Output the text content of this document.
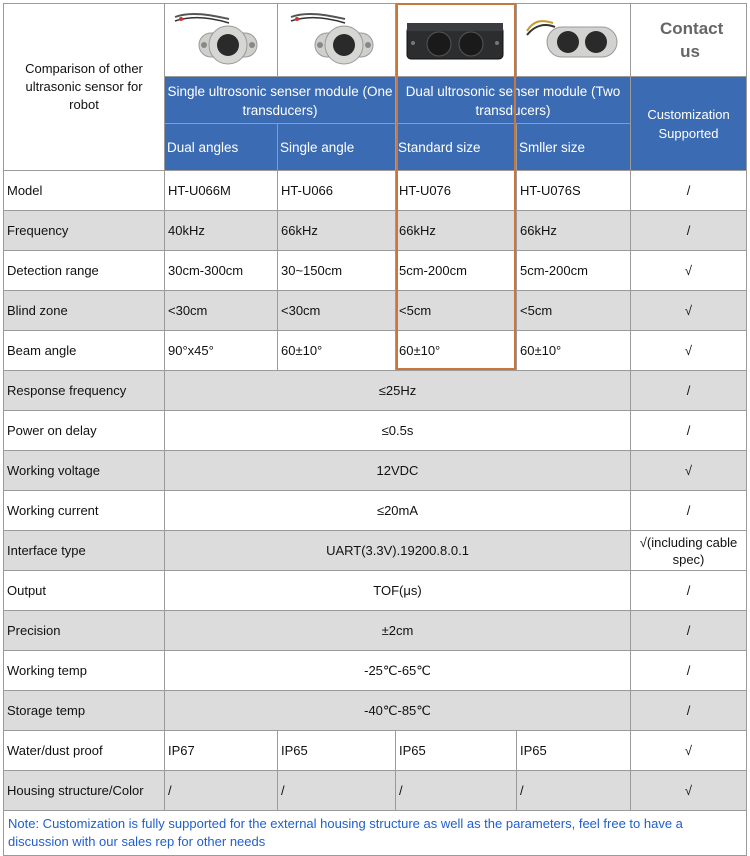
Comparison of other ultrasonic sensor for robot					Contact us
	Single ultrosonic senser module (One transducers)		Dual ultrosonic senser module (Two transducers)		Customization Supported
	Dual angles	Single angle	Standard size	Smller size	
Model	HT-U066M	HT-U066	HT-U076	HT-U076S	/
Frequency	40kHz	66kHz	66kHz	66kHz	/
Detection range	30cm-300cm	30~150cm	5cm-200cm	5cm-200cm	√
Blind zone	<30cm	<30cm	<5cm	<5cm	√
Beam angle	90°x45°	60±10°	60±10°	60±10°	√
Response frequency	≤25Hz				/
Power on delay	≤0.5s				/
Working voltage	12VDC				√
Working current	≤20mA				/
Interface type	UART(3.3V).19200.8.0.1				√(including cable spec)
Output	TOF(μs)				/
Precision	±2cm				/
Working temp	-25℃-65℃				/
Storage temp	-40℃-85℃				/
Water/dust proof	IP67	IP65	IP65	IP65	√
Housing structure/Color	/	/	/	/	√
Note: Customization is fully supported for the external housing structure as well as the parameters, feel free to have a discussion with our sales rep for other needs					
